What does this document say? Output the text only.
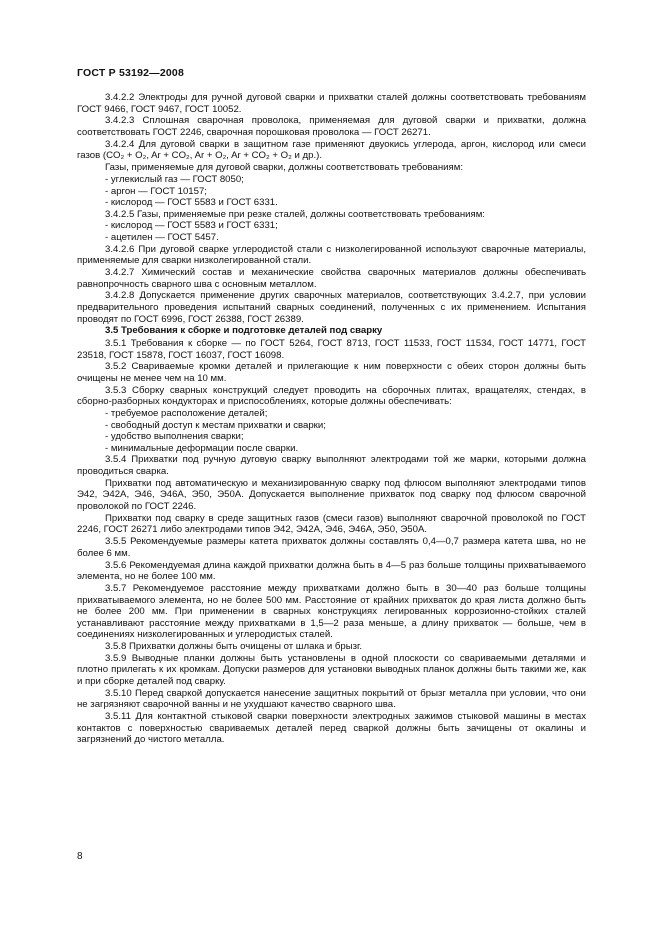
ГОСТ Р 53192—2008

3.4.2.2 Электроды для ручной дуговой сварки и прихватки сталей должны соответствовать требованиям ГОСТ 9466, ГОСТ 9467, ГОСТ 10052.

3.4.2.3 Сплошная сварочная проволока, применяемая для дуговой сварки и прихватки, должна соответствовать ГОСТ 2246, сварочная порошковая проволока — ГОСТ 26271.

3.4.2.4 Для дуговой сварки в защитном газе применяют двуокись углерода, аргон, кислород или смеси газов (CO₂ + O₂, Ar + CO₂, Ar + O₂, Ar + CO₂ + O₂ и др.).

Газы, применяемые для дуговой сварки, должны соответствовать требованиям:

- углекислый газ — ГОСТ 8050;

- аргон — ГОСТ 10157;

- кислород — ГОСТ 5583 и ГОСТ 6331.

3.4.2.5 Газы, применяемые при резке сталей, должны соответствовать требованиям:

- кислород — ГОСТ 5583 и ГОСТ 6331;

- ацетилен — ГОСТ 5457.

3.4.2.6 При дуговой сварке углеродистой стали с низколегированной используют сварочные материалы, применяемые для сварки низколегированной стали.

3.4.2.7 Химический состав и механические свойства сварочных материалов должны обеспечивать равнопрочность сварного шва с основным металлом.

3.4.2.8 Допускается применение других сварочных материалов, соответствующих 3.4.2.7, при условии предварительного проведения испытаний сварных соединений, полученных с их применением. Испытания проводят по ГОСТ 6996, ГОСТ 26388, ГОСТ 26389.

3.5 Требования к сборке и подготовке деталей под сварку

3.5.1 Требования к сборке — по ГОСТ 5264, ГОСТ 8713, ГОСТ 11533, ГОСТ 11534, ГОСТ 14771, ГОСТ 23518, ГОСТ 15878, ГОСТ 16037, ГОСТ 16098.

3.5.2 Свариваемые кромки деталей и прилегающие к ним поверхности с обеих сторон должны быть очищены не менее чем на 10 мм.

3.5.3 Сборку сварных конструкций следует проводить на сборочных плитах, вращателях, стендах, в сборно-разборных кондукторах и приспособлениях, которые должны обеспечивать:

- требуемое расположение деталей;

- свободный доступ к местам прихватки и сварки;

- удобство выполнения сварки;

- минимальные деформации после сварки.

3.5.4 Прихватки под ручную дуговую сварку выполняют электродами той же марки, которыми должна проводиться сварка.

Прихватки под автоматическую и механизированную сварку под флюсом выполняют электродами типов Э42, Э42А, Э46, Э46А, Э50, Э50А. Допускается выполнение прихваток под сварку под флюсом сварочной проволокой по ГОСТ 2246.

Прихватки под сварку в среде защитных газов (смеси газов) выполняют сварочной проволокой по ГОСТ 2246, ГОСТ 26271 либо электродами типов Э42, Э42А, Э46, Э46А, Э50, Э50А.

3.5.5 Рекомендуемые размеры катета прихваток должны составлять 0,4—0,7 размера катета шва, но не более 6 мм.

3.5.6 Рекомендуемая длина каждой прихватки должна быть в 4—5 раз больше толщины прихватываемого элемента, но не более 100 мм.

3.5.7 Рекомендуемое расстояние между прихватками должно быть в 30—40 раз больше толщины прихватываемого элемента, но не более 500 мм. Расстояние от крайних прихваток до края листа должно быть не более 200 мм. При применении в сварных конструкциях легированных коррозионно-стойких сталей устанавливают расстояние между прихватками в 1,5—2 раза меньше, а длину прихваток — больше, чем в соединениях низколегированных и углеродистых сталей.

3.5.8 Прихватки должны быть очищены от шлака и брызг.

3.5.9 Выводные планки должны быть установлены в одной плоскости со свариваемыми деталями и плотно прилегать к их кромкам. Допуски размеров для установки выводных планок должны быть такими же, как и при сборке деталей под сварку.

3.5.10 Перед сваркой допускается нанесение защитных покрытий от брызг металла при условии, что они не загрязняют сварочной ванны и не ухудшают качество сварного шва.

3.5.11 Для контактной стыковой сварки поверхности электродных зажимов стыковой машины в местах контактов с поверхностью свариваемых деталей перед сваркой должны быть зачищены от окалины и загрязнений до чистого металла.

8
